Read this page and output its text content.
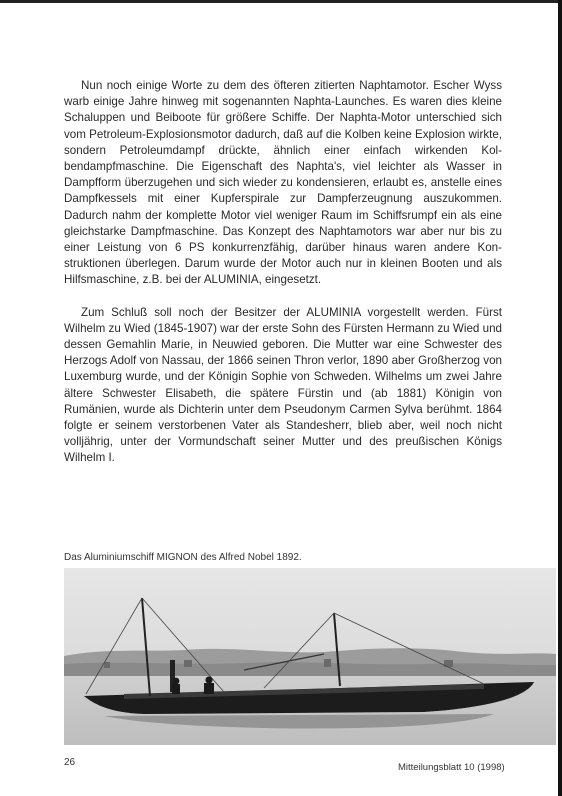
Nun noch einige Worte zu dem des öfteren zitierten Naphtamotor. Escher Wyss warb einige Jahre hinweg mit sogenannten Naphta-Launches. Es waren dies kleine Schaluppen und Beiboote für größere Schiffe. Der Naphta-Motor unterschied sich vom Petroleum-Explosionsmotor dadurch, daß auf die Kolben keine Explosion wirkte, sondern Petroleumdampf drückte, ähnlich einer einfach wirkenden Kolbendampfmaschine. Die Eigenschaft des Naphta's, viel leichter als Wasser in Dampfform überzugehen und sich wieder zu kondensieren, erlaubt es, anstelle eines Dampfkessels mit einer Kupferspirale zur Dampferzeugnung auszukommen. Dadurch nahm der komplette Motor viel weniger Raum im Schiffsrumpf ein als eine gleichstarke Dampfmaschine. Das Konzept des Naphtamotors war aber nur bis zu einer Leistung von 6 PS konkurrenzfähig, darüber hinaus waren andere Konstruktionen überlegen. Darum wurde der Motor auch nur in kleinen Booten und als Hilfsmaschine, z.B. bei der ALUMINIA, eingesetzt.

Zum Schluß soll noch der Besitzer der ALUMINIA vorgestellt werden. Fürst Wilhelm zu Wied (1845-1907) war der erste Sohn des Fürsten Hermann zu Wied und dessen Gemahlin Marie, in Neuwied geboren. Die Mutter war eine Schwester des Herzogs Adolf von Nassau, der 1866 seinen Thron verlor, 1890 aber Großherzog von Luxemburg wurde, und der Königin Sophie von Schweden. Wilhelms um zwei Jahre ältere Schwester Elisabeth, die spätere Fürstin und (ab 1881) Königin von Rumänien, wurde als Dichterin unter dem Pseudonym Carmen Sylva berühmt. 1864 folgte er seinem verstorbenen Vater als Standesherr, blieb aber, weil noch nicht volljährig, unter der Vormundschaft seiner Mutter und des preußischen Königs Wilhelm I.

Das Aluminiumschiff MIGNON des Alfred Nobel 1892.
26	Mitteilungsblatt 10 (1998)
